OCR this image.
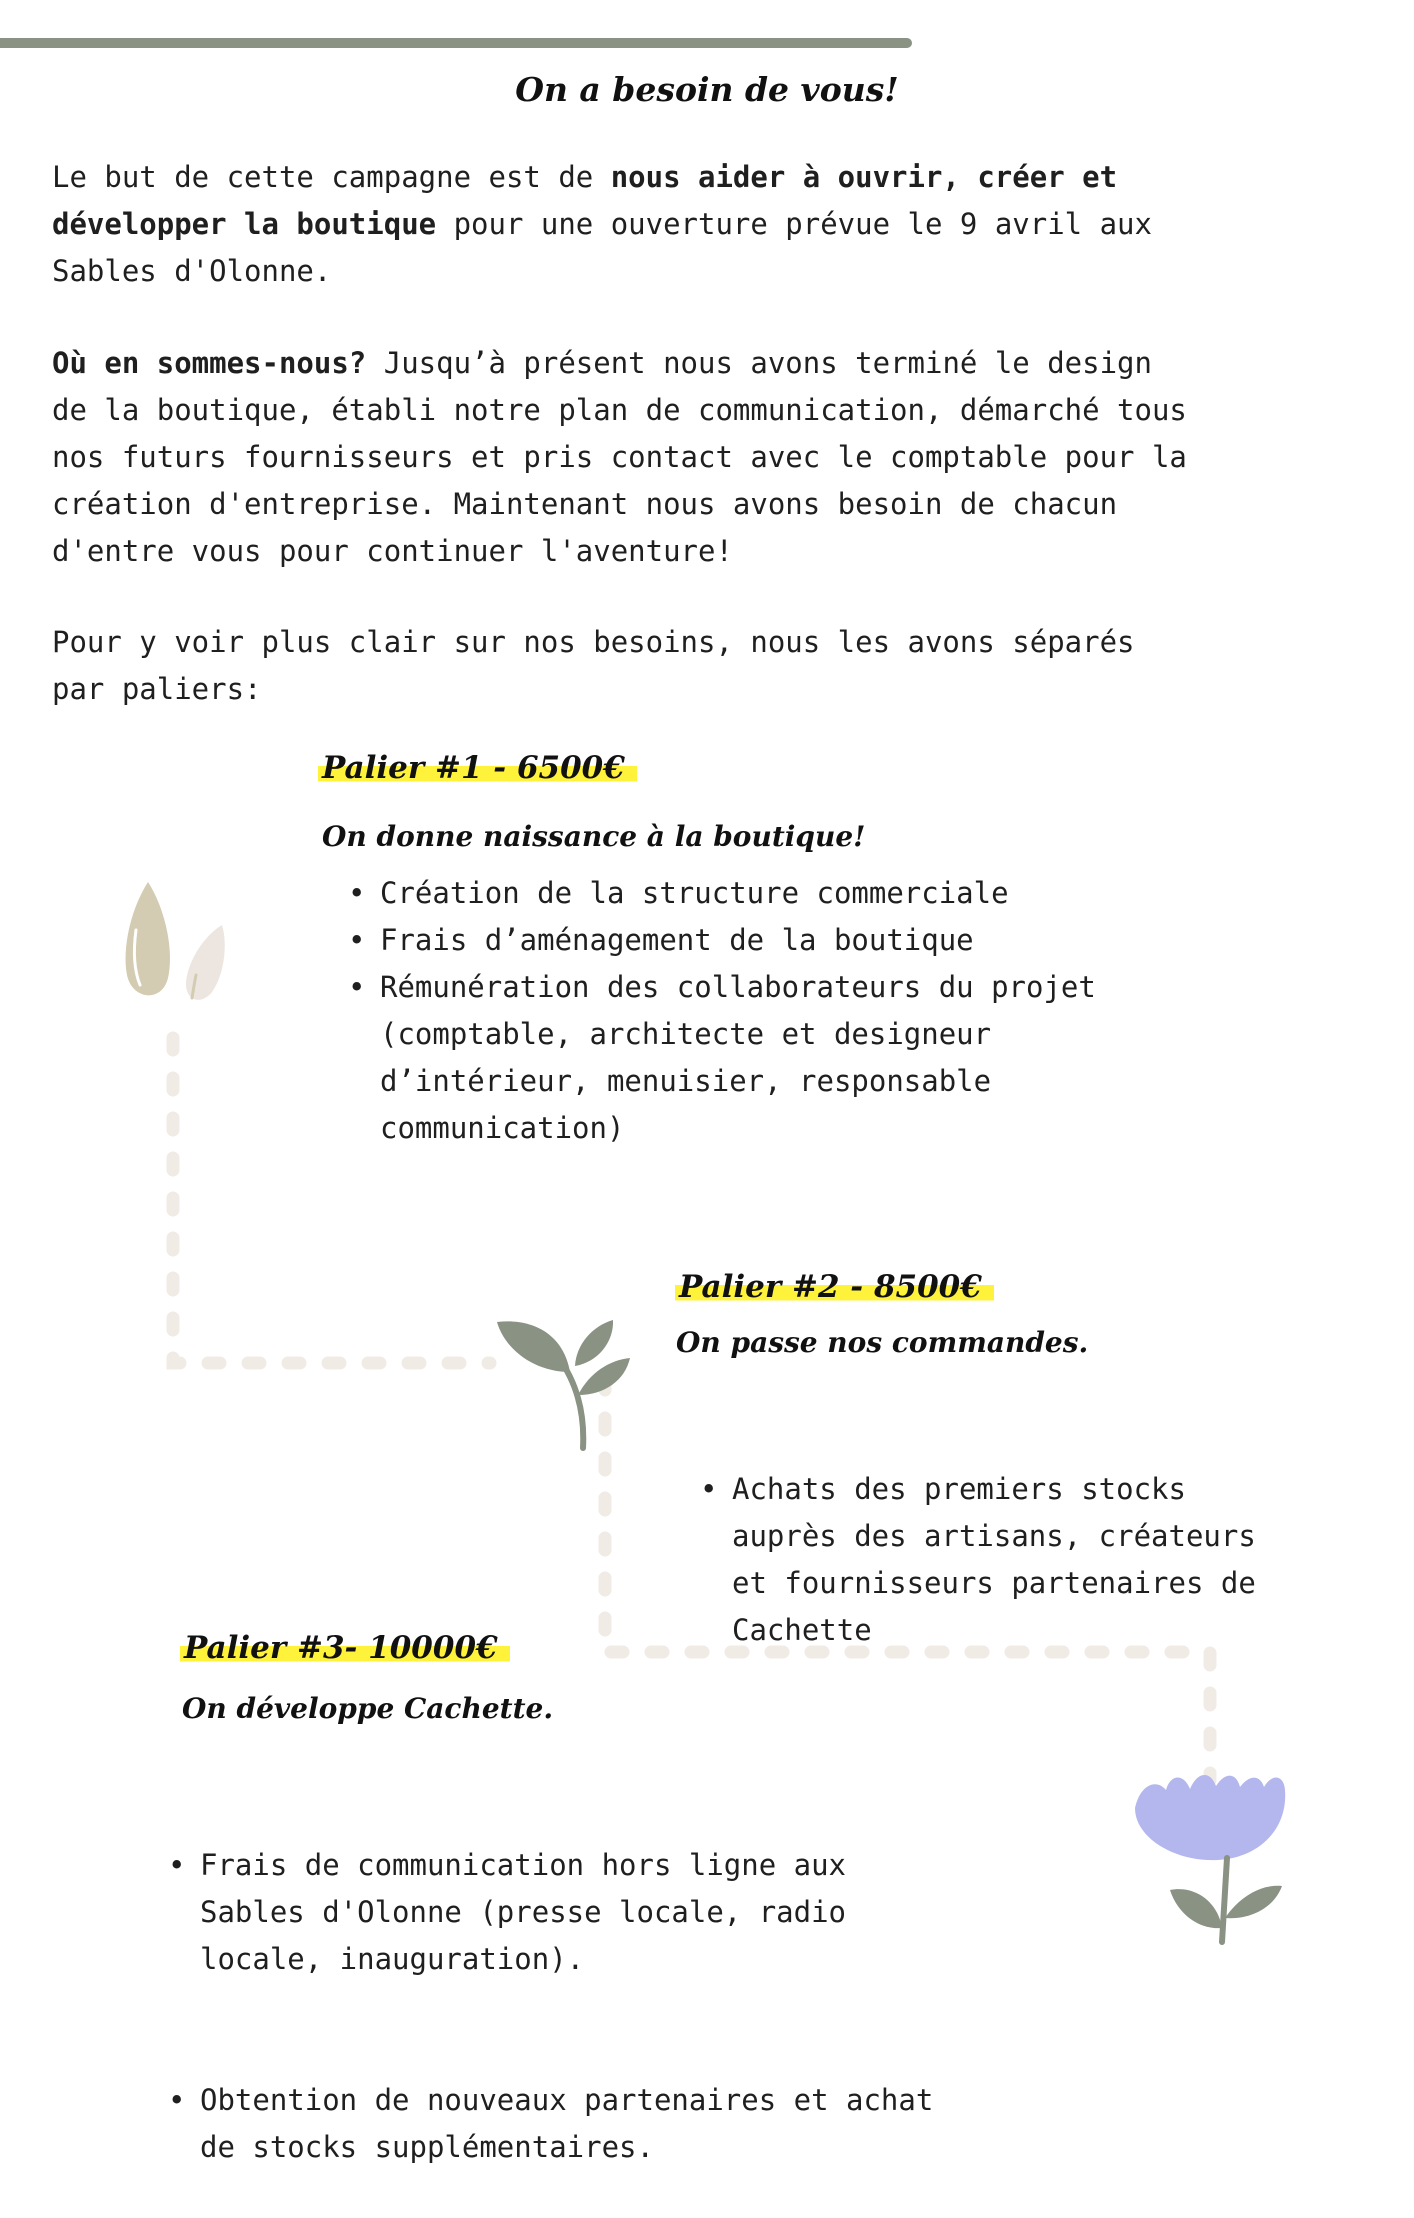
On a besoin de vous!

Le but de cette campagne est de nous aider à ouvrir, créer et
développer la boutique pour une ouverture prévue le 9 avril aux
Sables d'Olonne.

Où en sommes-nous? Jusqu’à présent nous avons terminé le design
de la boutique, établi notre plan de communication, démarché tous
nos futurs fournisseurs et pris contact avec le comptable pour la
création d'entreprise. Maintenant nous avons besoin de chacun
d'entre vous pour continuer l'aventure!

Pour y voir plus clair sur nos besoins, nous les avons séparés
par paliers:

Palier #1 - 6500€
On donne naissance à la boutique!
• Création de la structure commerciale
• Frais d’aménagement de la boutique
• Rémunération des collaborateurs du projet
(comptable, architecte et designeur
d’intérieur, menuisier, responsable
communication)
Palier #2 - 8500€
On passe nos commandes.

• Achats des premiers stocks
auprès des artisans, créateurs
et fournisseurs partenaires de
Cachette

Palier #3- 10000€
On développe Cachette.

• Frais de communication hors ligne aux
Sables d'Olonne (presse locale, radio
locale, inauguration).

• Obtention de nouveaux partenaires et achat
de stocks supplémentaires.
